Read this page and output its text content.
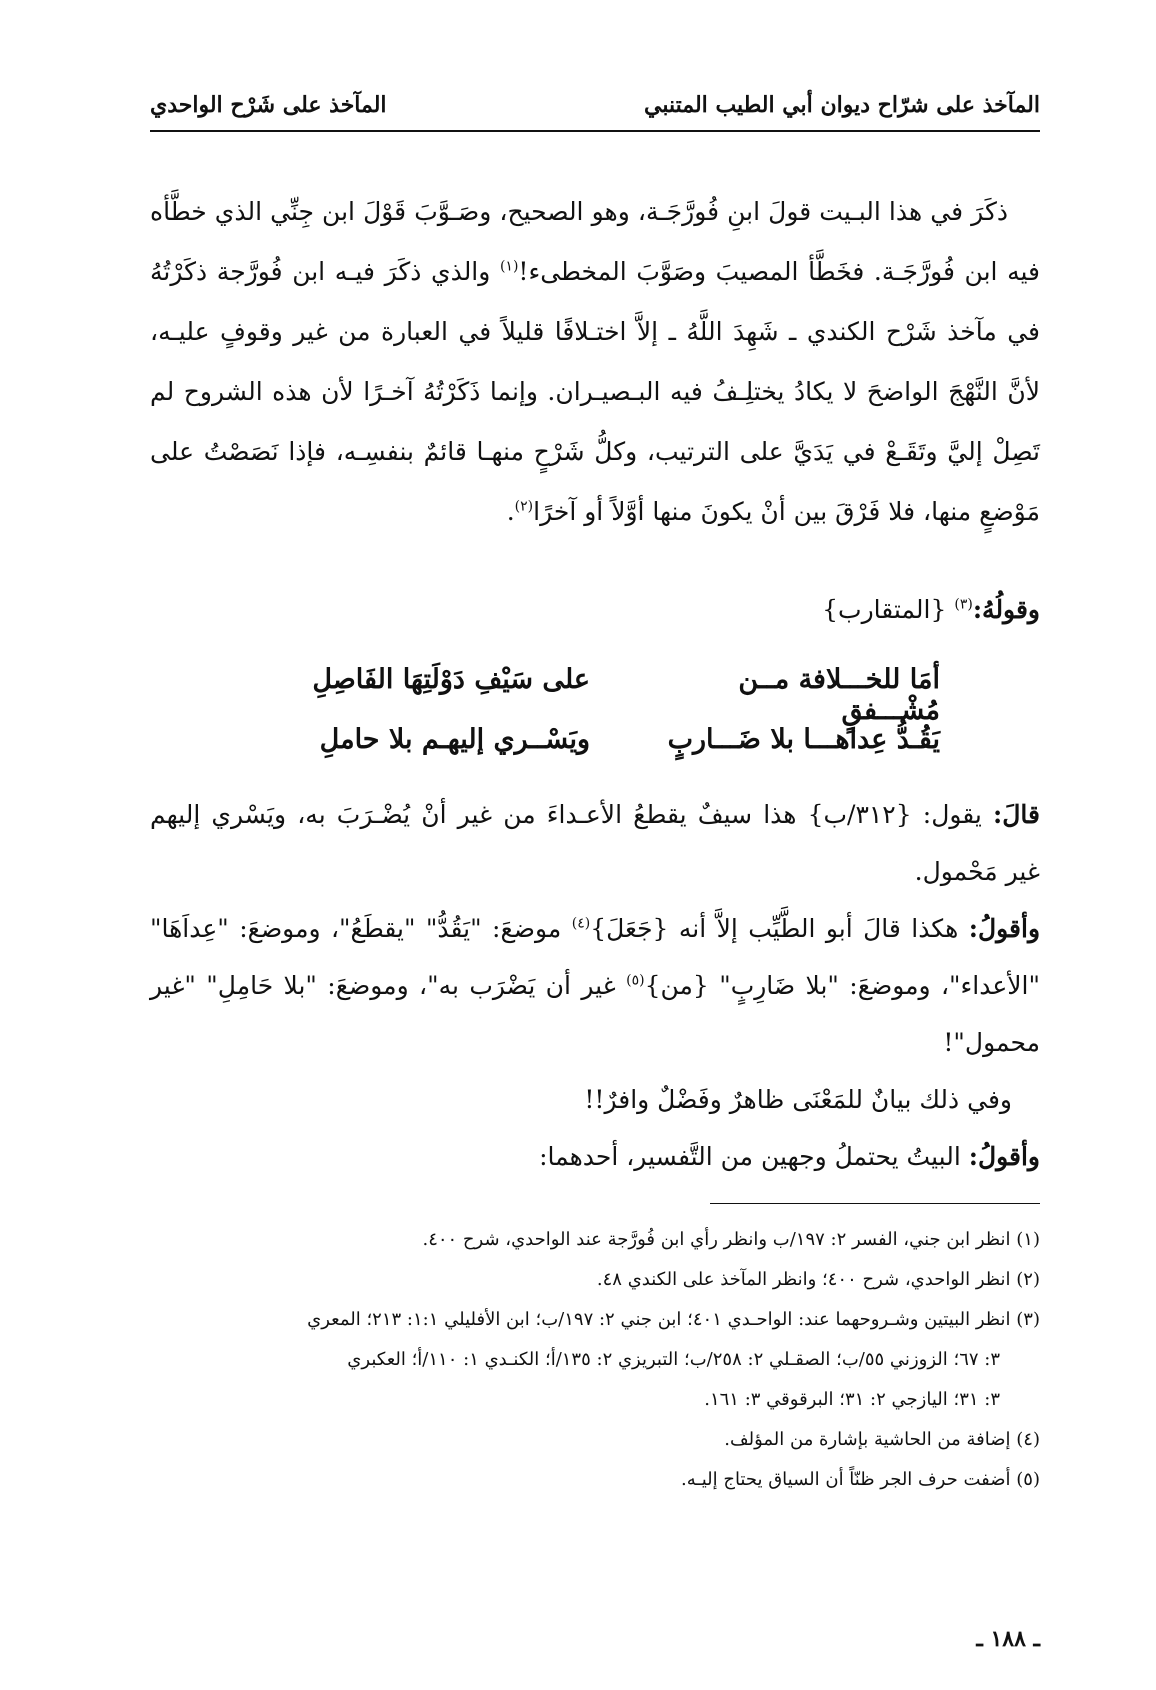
المآخذ على شرّاح ديوان أبي الطيب المتنبي
المآخذ على شَرْح الواحدي

ذكَرَ في هذا البـيت قولَ ابنِ فُورَّجَـة، وهو الصحيح، وصَـوَّبَ قَوْلَ ابن جِنِّي الذي خطَّأه فيه ابن فُورَّجَـة. فخَطَّأ المصيبَ وصَوَّبَ المخطىء!$^{(١)}$ والذي ذكَرَ فيـه ابن فُورَّجة ذكَرْتُهُ في مآخذ شَرْح الكندي ـ شَهِدَ اللَّهُ ـ إلاَّ اختـلافًا قليلاً في العبارة من غير وقوفٍ عليـه، لأنَّ النَّهْجَ الواضحَ لا يكادُ يختلِـفُ فيه البـصيـران. وإنما ذَكَرْتُهُ آخـرًا لأن هذه الشروح لم تَصِلْ إليَّ وتَقَـعْ في يَدَيَّ على الترتيب، وكلُّ شَرْحٍ منهـا قائمٌ بنفسِـه، فإذا نَصَصْتُ على مَوْضعٍ منها، فلا فَرْقَ بين أنْ يكونَ منها أوَّلاً أو آخرًا$^{(٢)}$.

وقولُهُ:$^{(٣)}$ {المتقارب}
أمَا للخـــلافة مــن مُشْـــفقٍ
على سَيْفِ دَوْلَتِهَا الفَاصِلِ
يَقُـدُّ عِداهـــا بلا ضَـــاربٍ
ويَسْــري إليهـم بلا حاملِ

قالَ: يقول: {٣١٢/ب} هذا سيفٌ يقطعُ الأعـداءَ من غير أنْ يُضْـرَبَ به، ويَسْري إليهم غير مَحْمول.

وأقولُ: هكذا قالَ أبو الطَّيِّب إلاَّ أنه {جَعَلَ}$^{(٤)}$ موضعَ: "يَقُدُّ" "يقطَعُ"، وموضعَ: "عِداَهَا" "الأعداء"، وموضعَ: "بلا ضَارِبٍ" {من}$^{(٥)}$ غير أن يَضْرَب به"، وموضعَ: "بلا حَامِلِ" "غير محمول"!

وفي ذلك بيانٌ للمَعْنَى ظاهرٌ وفَضْلٌ وافرٌ!!

وأقولُ: البيتُ يحتملُ وجهين من التَّفسير، أحدهما:

(١) انظر ابن جني، الفسر ٢: ١٩٧/ب وانظر رأي ابن فُورَّجة عند الواحدي، شرح ٤٠٠.

(٢) انظر الواحدي، شرح ٤٠٠؛ وانظر المآخذ على الكندي ٤٨.

(٣) انظر البيتين وشـروحهما عند: الواحـدي ٤٠١؛ ابن جني ٢: ١٩٧/ب؛ ابن الأفليلي ١:١: ٢١٣؛ المعري

٣: ٦٧؛ الزوزني ٥٥/ب؛ الصقـلي ٢: ٢٥٨/ب؛ التبريزي ٢: ١٣٥/أ؛ الكنـدي ١: ١١٠/أ؛ العكبري

٣: ٣١؛ اليازجي ٢: ٣١؛ البرقوقي ٣: ١٦١.

(٤) إضافة من الحاشية بإشارة من المؤلف.

(٥) أضفت حرف الجر ظنّاً أن السياق يحتاج إليـه.

ـ ١٨٨ ـ
